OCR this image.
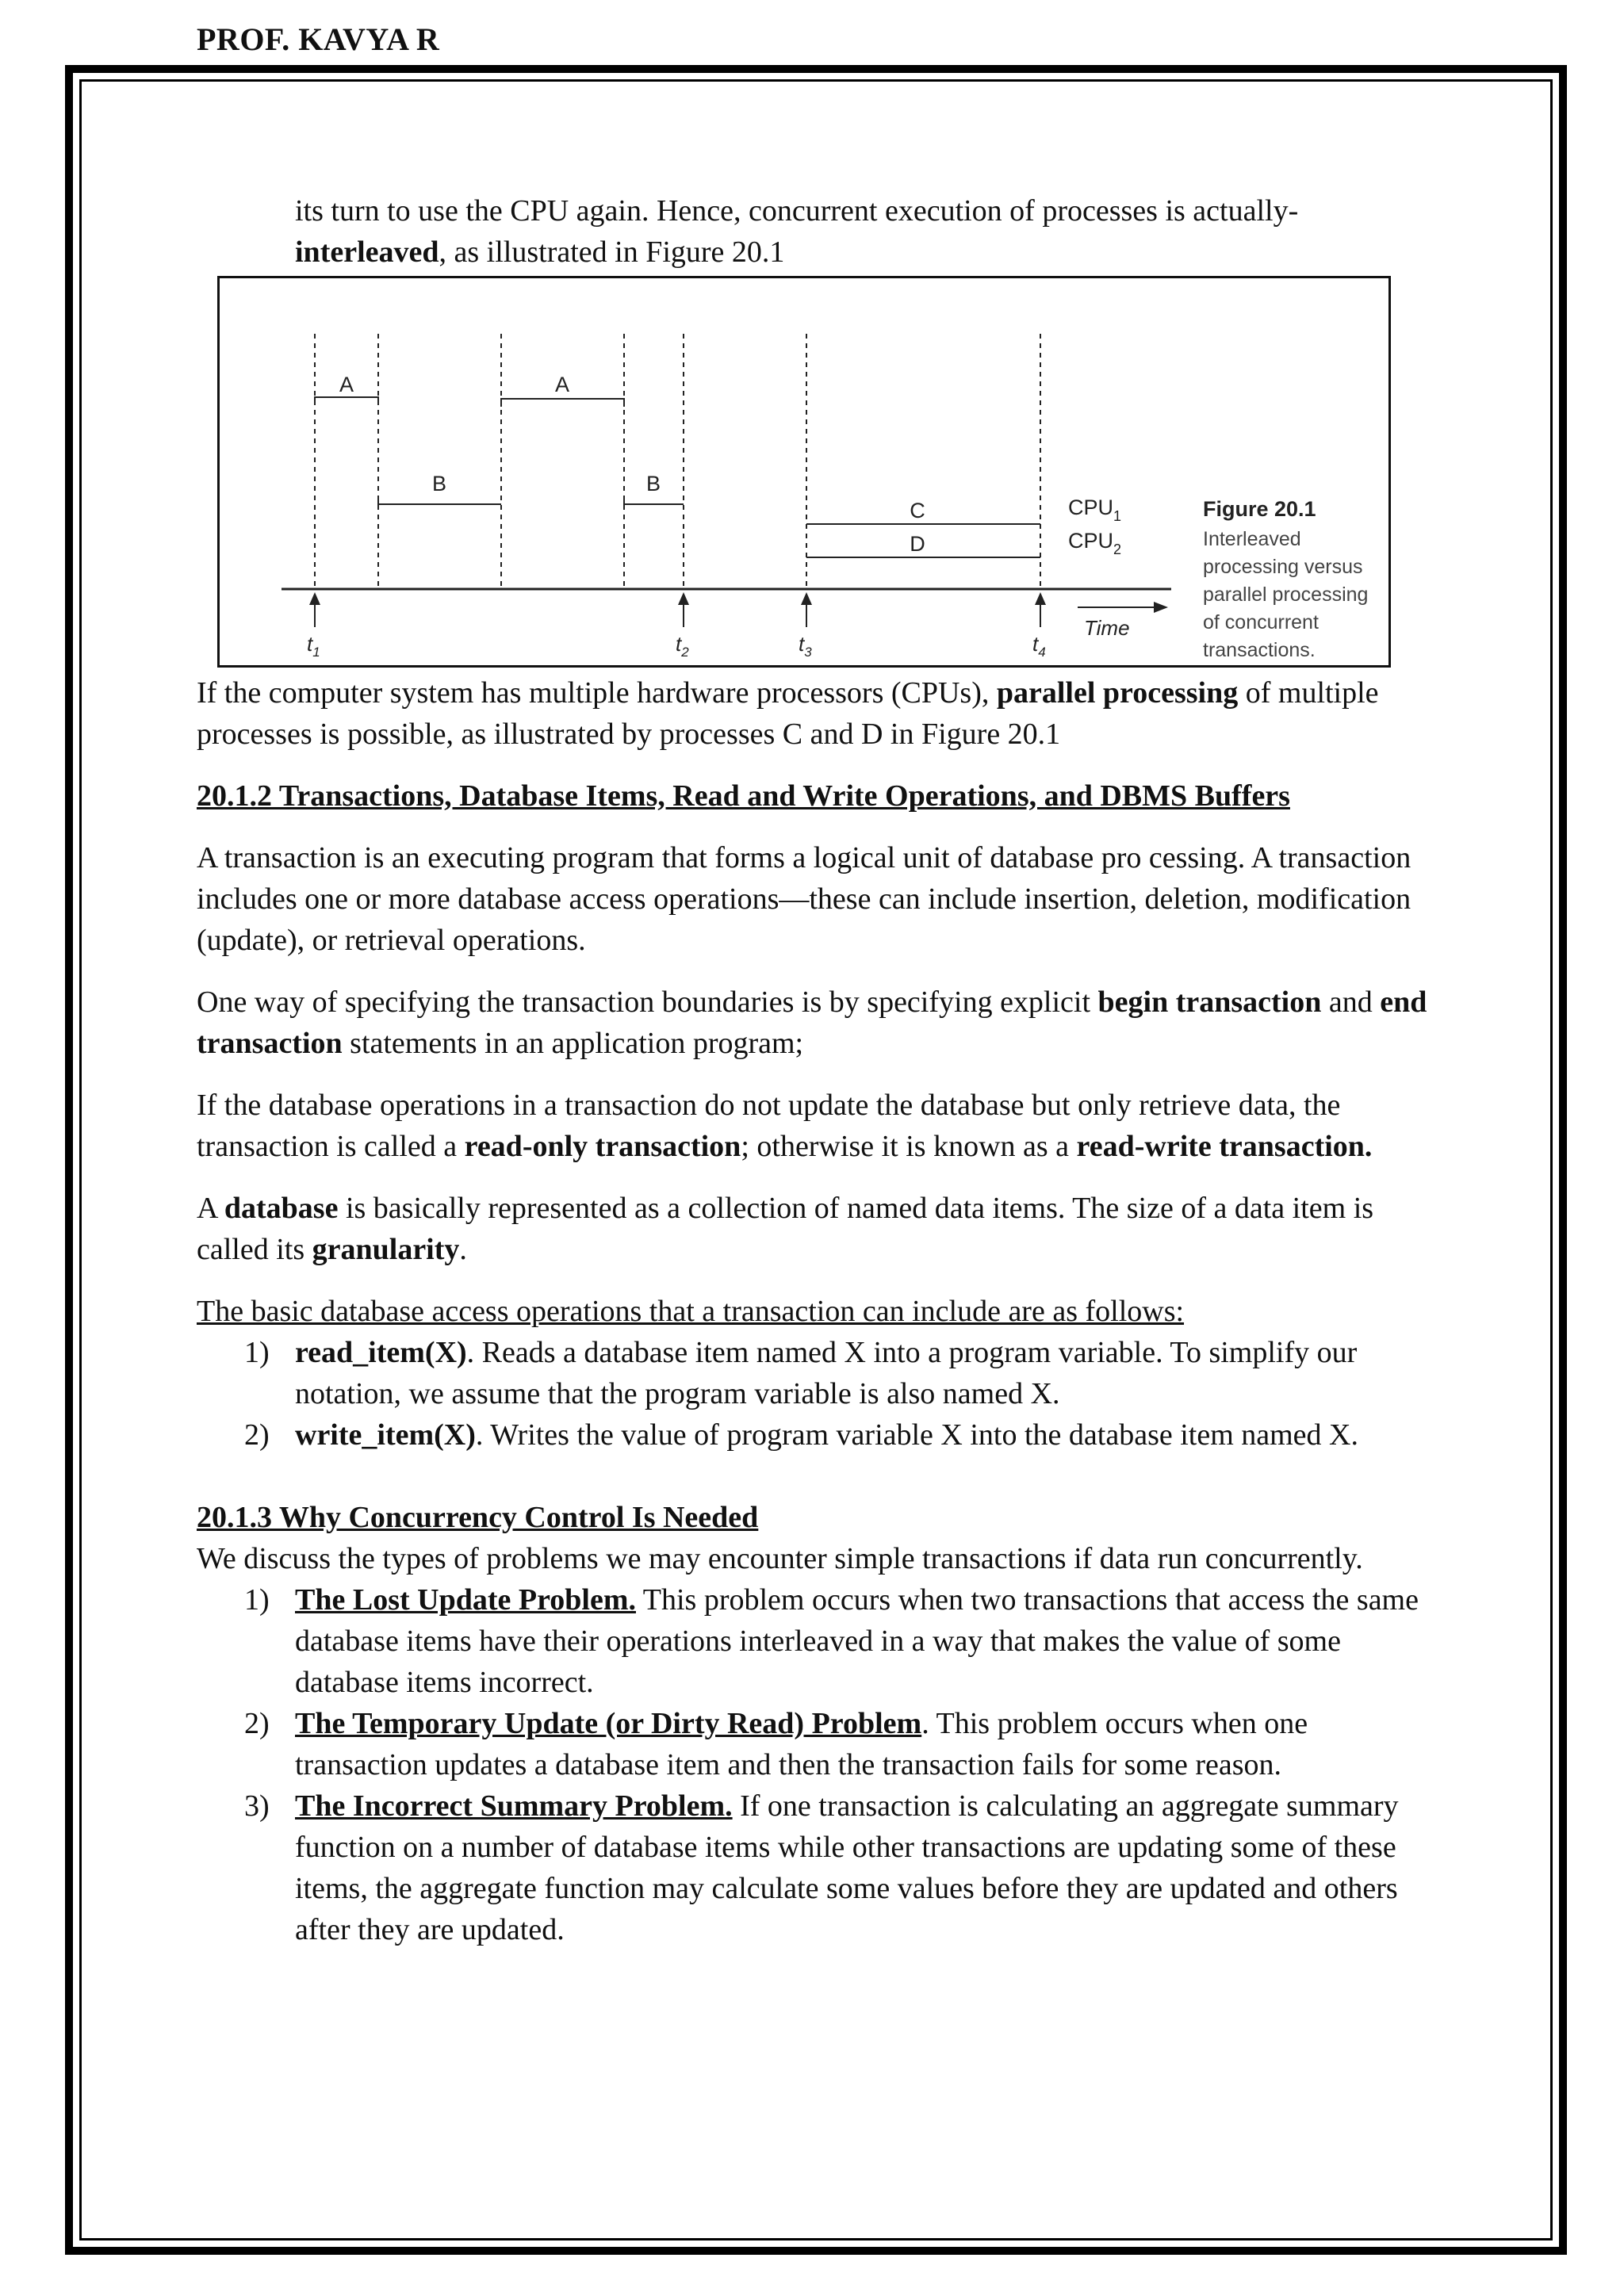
PROF. KAVYA R

its turn to use the CPU again. Hence, concurrent execution of processes is actually-
interleaved, as illustrated in Figure 20.1

A	A
B	B
C
D
$CPU_1$
$CPU_2$
Time
$t_1$	$t_2$	$t_3$	$t_4$
Figure 20.1
Interleaved
processing versus
parallel processing
of concurrent
transactions.

If the computer system has multiple hardware processors (CPUs), parallel processing of multiple processes is possible, as illustrated by processes C and D in Figure 20.1

20.1.2 Transactions, Database Items, Read and Write Operations, and DBMS Buffers

A transaction is an executing program that forms a logical unit of database pro cessing. A transaction includes one or more database access operations—these can include insertion, deletion, modification (update), or retrieval operations.

One way of specifying the transaction boundaries is by specifying explicit begin transaction and end transaction statements in an application program;

If the database operations in a transaction do not update the database but only retrieve data, the transaction is called a read-only transaction; otherwise it is known as a read-write transaction.

A database is basically represented as a collection of named data items. The size of a data item is called its granularity.

The basic database access operations that a transaction can include are as follows:

1) read_item(X). Reads a database item named X into a program variable. To simplify our notation, we assume that the program variable is also named X.
2) write_item(X). Writes the value of program variable X into the database item named X.

20.1.3 Why Concurrency Control Is Needed

We discuss the types of problems we may encounter simple transactions if data run concurrently.

1) The Lost Update Problem. This problem occurs when two transactions that access the same database items have their operations interleaved in a way that makes the value of some database items incorrect.
2) The Temporary Update (or Dirty Read) Problem. This problem occurs when one transaction updates a database item and then the transaction fails for some reason.
3) The Incorrect Summary Problem. If one transaction is calculating an aggregate summary function on a number of database items while other transactions are updating some of these items, the aggregate function may calculate some values before they are updated and others after they are updated.
